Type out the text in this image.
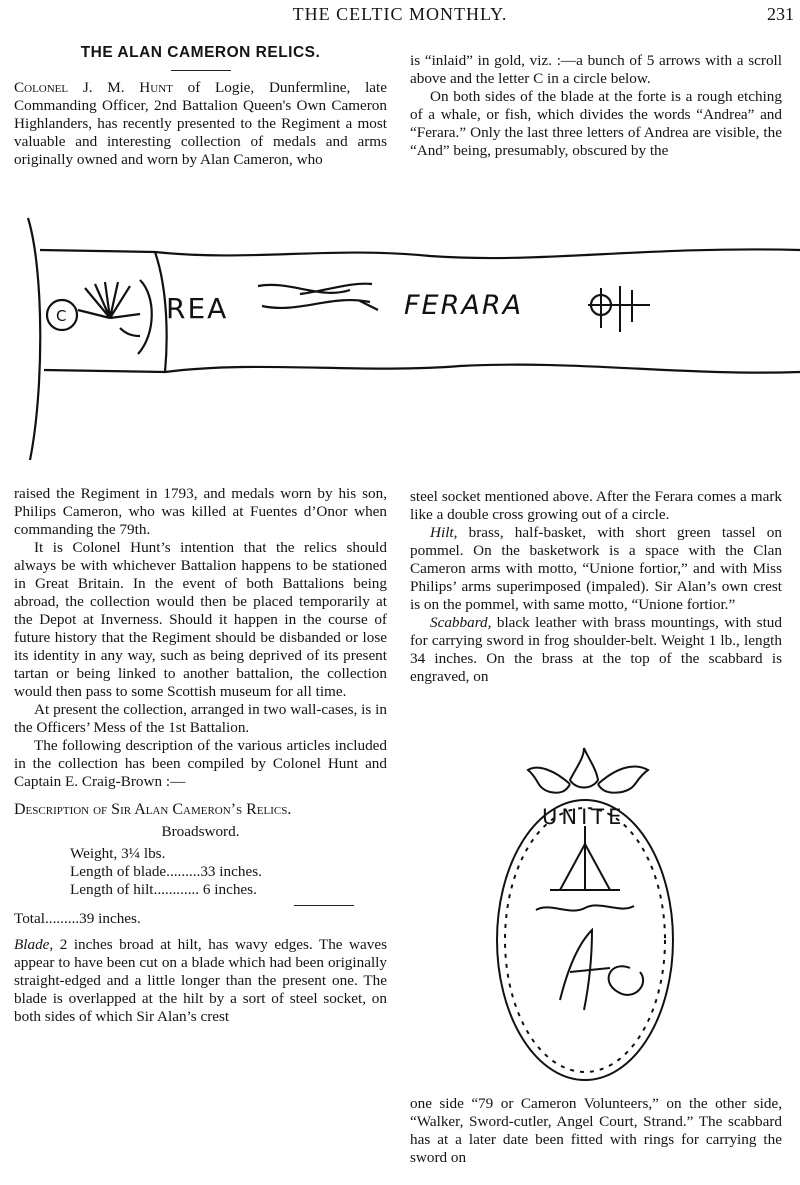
THE CELTIC MONTHLY.	231

THE ALAN CAMERON RELICS.

Colonel J. M. Hunt of Logie, Dunfermline, late Commanding Officer, 2nd Battalion Queen's Own Cameron Highlanders, has recently presented to the Regiment a most valuable and interesting collection of medals and arms originally owned and worn by Alan Cameron, who

is “inlaid” in gold, viz. :—a bunch of 5 arrows with a scroll above and the letter C in a circle below.

On both sides of the blade at the forte is a rough etching of a whale, or fish, which divides the words “Andrea” and “Ferara.” Only the last three letters of Andrea are visible, the “And” being, presumably, obscured by the

C	REA	FERARA

raised the Regiment in 1793, and medals worn by his son, Philips Cameron, who was killed at Fuentes d’Onor when commanding the 79th.

It is Colonel Hunt’s intention that the relics should always be with whichever Battalion happens to be stationed in Great Britain. In the event of both Battalions being abroad, the collection would then be placed temporarily at the Depot at Inverness. Should it happen in the course of future history that the Regiment should be disbanded or lose its identity in any way, such as being deprived of its present tartan or being linked to another battalion, the collection would then pass to some Scottish museum for all time.

At present the collection, arranged in two wall-cases, is in the Officers’ Mess of the 1st Battalion.

The following description of the various articles included in the collection has been compiled by Colonel Hunt and Captain E. Craig-Brown :—

Description of Sir Alan Cameron’s Relics.

Broadsword.

Weight, 3¼ lbs.

Length of blade.........33 inches.

Length of hilt............ 6 inches.

Total.........39 inches.

Blade, 2 inches broad at hilt, has wavy edges. The waves appear to have been cut on a blade which had been originally straight-edged and a little longer than the present one. The blade is overlapped at the hilt by a sort of steel socket, on both sides of which Sir Alan’s crest

steel socket mentioned above. After the Ferara comes a mark like a double cross growing out of a circle.

Hilt, brass, half-basket, with short green tassel on pommel. On the basketwork is a space with the Clan Cameron arms with motto, “Unione fortior,” and with Miss Philips’ arms superimposed (impaled). Sir Alan’s own crest is on the pommel, with same motto, “Unione fortior.”

Scabbard, black leather with brass mountings, with stud for carrying sword in frog shoulder-belt. Weight 1 lb., length 34 inches. On the brass at the top of the scabbard is engraved, on

UNITE

one side “79 or Cameron Volunteers,” on the other side, “Walker, Sword-cutler, Angel Court, Strand.” The scabbard has at a later date been fitted with rings for carrying the sword on
